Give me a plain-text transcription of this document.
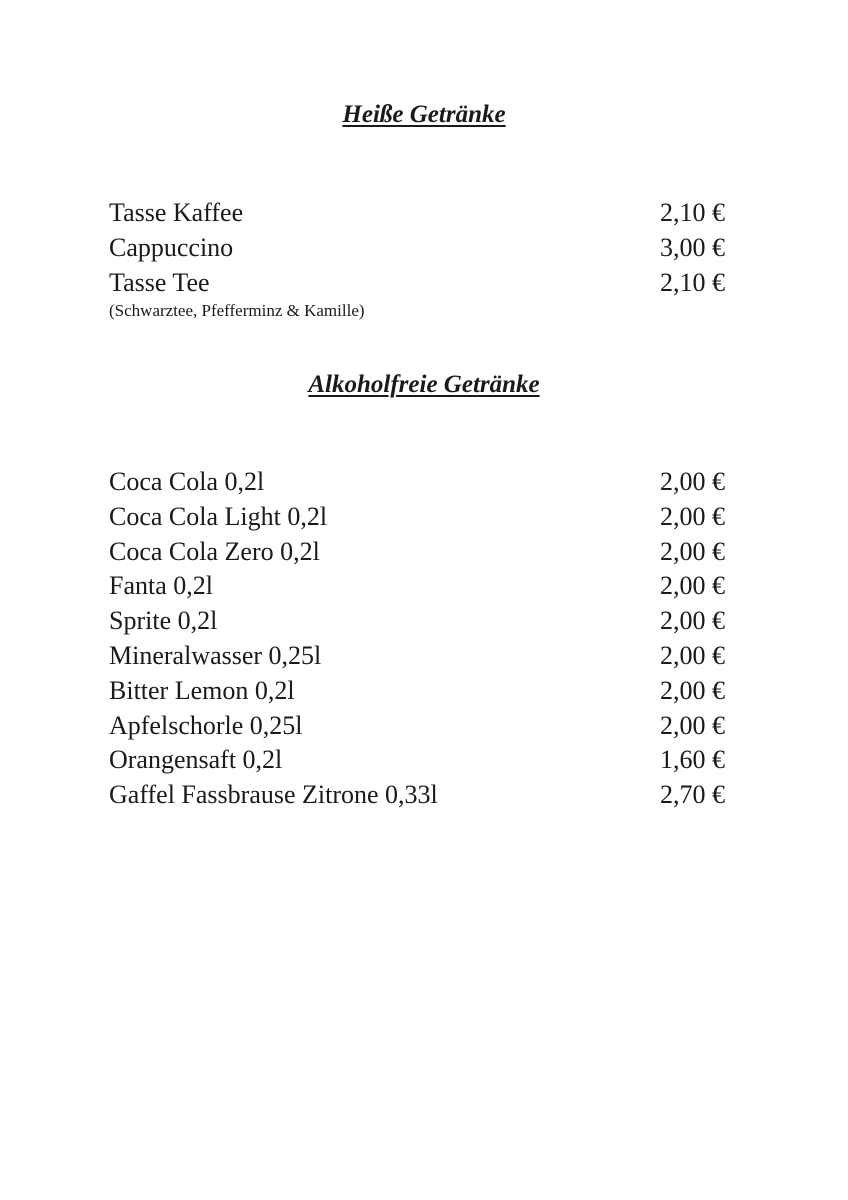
Heiße Getränke
Tasse Kaffee	2,10 €
Cappuccino	3,00 €
Tasse Tee	2,10 €

(Schwarztee, Pfefferminz & Kamille)

Alkoholfreie Getränke
Coca Cola 0,2l	2,00 €
Coca Cola Light 0,2l	2,00 €
Coca Cola Zero 0,2l	2,00 €
Fanta 0,2l	2,00 €
Sprite 0,2l	2,00 €
Mineralwasser 0,25l	2,00 €
Bitter Lemon 0,2l	2,00 €
Apfelschorle 0,25l	2,00 €
Orangensaft 0,2l	1,60 €
Gaffel Fassbrause Zitrone 0,33l	2,70 €
